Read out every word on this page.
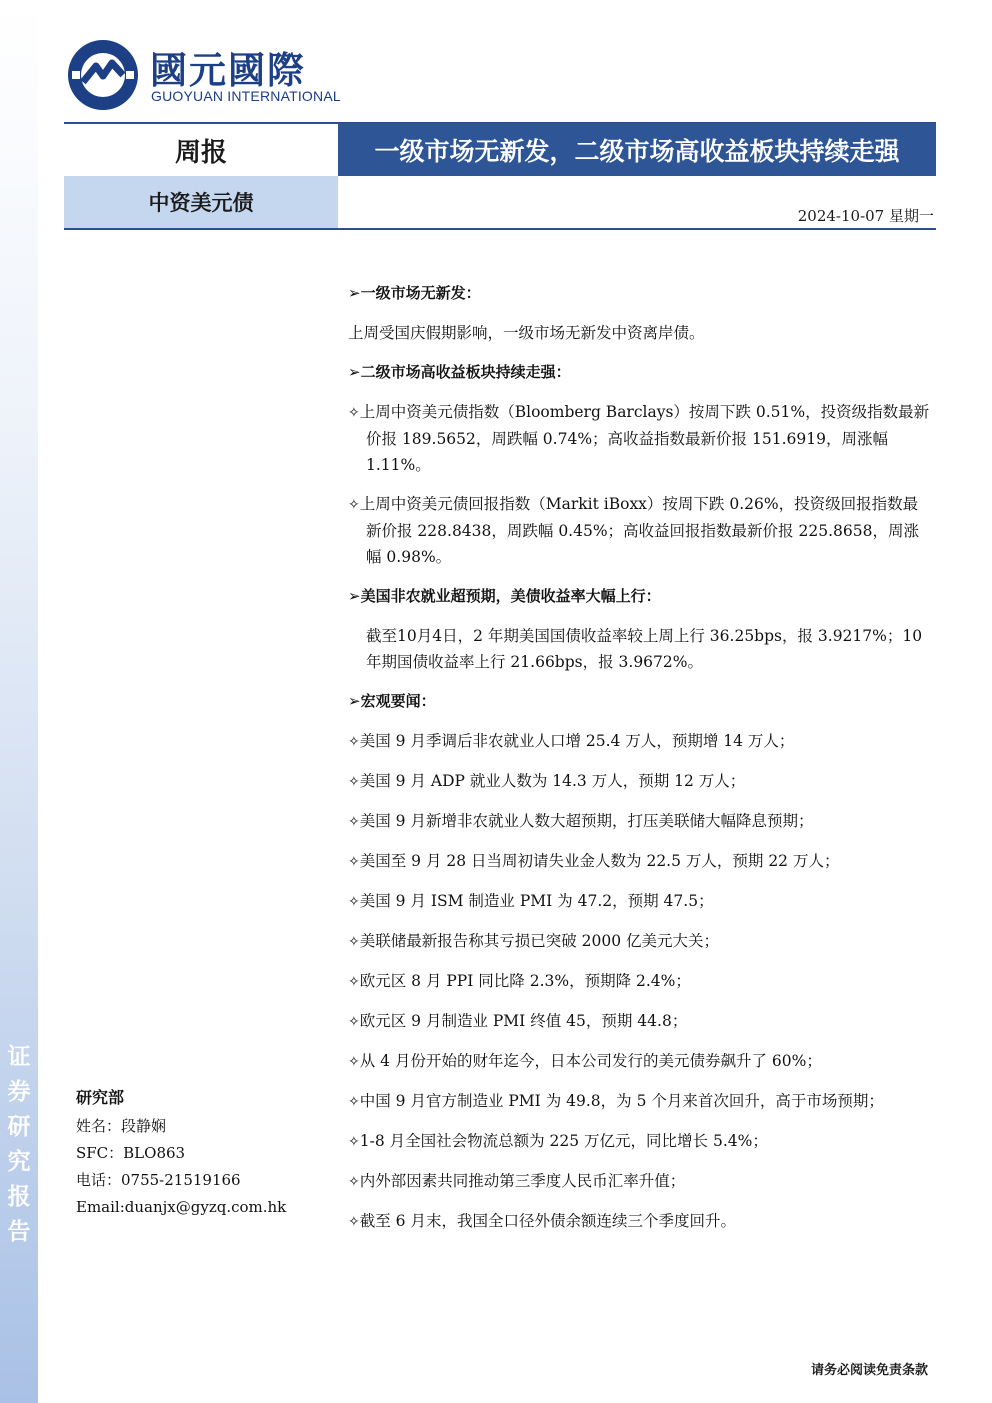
证
券
研
究
报
告
國元國際
GUOYUAN INTERNATIONAL
周报	一级市场无新发，二级市场高收益板块持续走强
中资美元债
2024-10-07 星期一
➢一级市场无新发：
上周受国庆假期影响，一级市场无新发中资离岸债。
➢二级市场高收益板块持续走强：
✧上周中资美元债指数（Bloomberg Barclays）按周下跌 0.51%，投资级指数最新价报 189.5652，周跌幅 0.74%；高收益指数最新价报 151.6919，周涨幅 1.11%。
✧上周中资美元债回报指数（Markit iBoxx）按周下跌 0.26%，投资级回报指数最新价报 228.8438，周跌幅 0.45%；高收益回报指数最新价报 225.8658，周涨幅 0.98%。
➢美国非农就业超预期，美债收益率大幅上行：
截至10月4日，2 年期美国国债收益率较上周上行 36.25bps，报 3.9217%；10 年期国债收益率上行 21.66bps，报 3.9672%。
➢宏观要闻：
✧美国 9 月季调后非农就业人口增 25.4 万人，预期增 14 万人；
✧美国 9 月 ADP 就业人数为 14.3 万人，预期 12 万人；
✧美国 9 月新增非农就业人数大超预期，打压美联储大幅降息预期；
✧美国至 9 月 28 日当周初请失业金人数为 22.5 万人，预期 22 万人；
✧美国 9 月 ISM 制造业 PMI 为 47.2，预期 47.5；
✧美联储最新报告称其亏损已突破 2000 亿美元大关；
✧欧元区 8 月 PPI 同比降 2.3%，预期降 2.4%；
✧欧元区 9 月制造业 PMI 终值 45，预期 44.8；
✧从 4 月份开始的财年迄今，日本公司发行的美元债券飙升了 60%；
✧中国 9 月官方制造业 PMI 为 49.8，为 5 个月来首次回升，高于市场预期；
✧1-8 月全国社会物流总额为 225 万亿元，同比增长 5.4%；
✧内外部因素共同推动第三季度人民币汇率升值；
✧截至 6 月末，我国全口径外债余额连续三个季度回升。
研究部
姓名：段静娴
SFC：BLO863
电话：0755-21519166
Email:duanjx@gyzq.com.hk
请务必阅读免责条款
